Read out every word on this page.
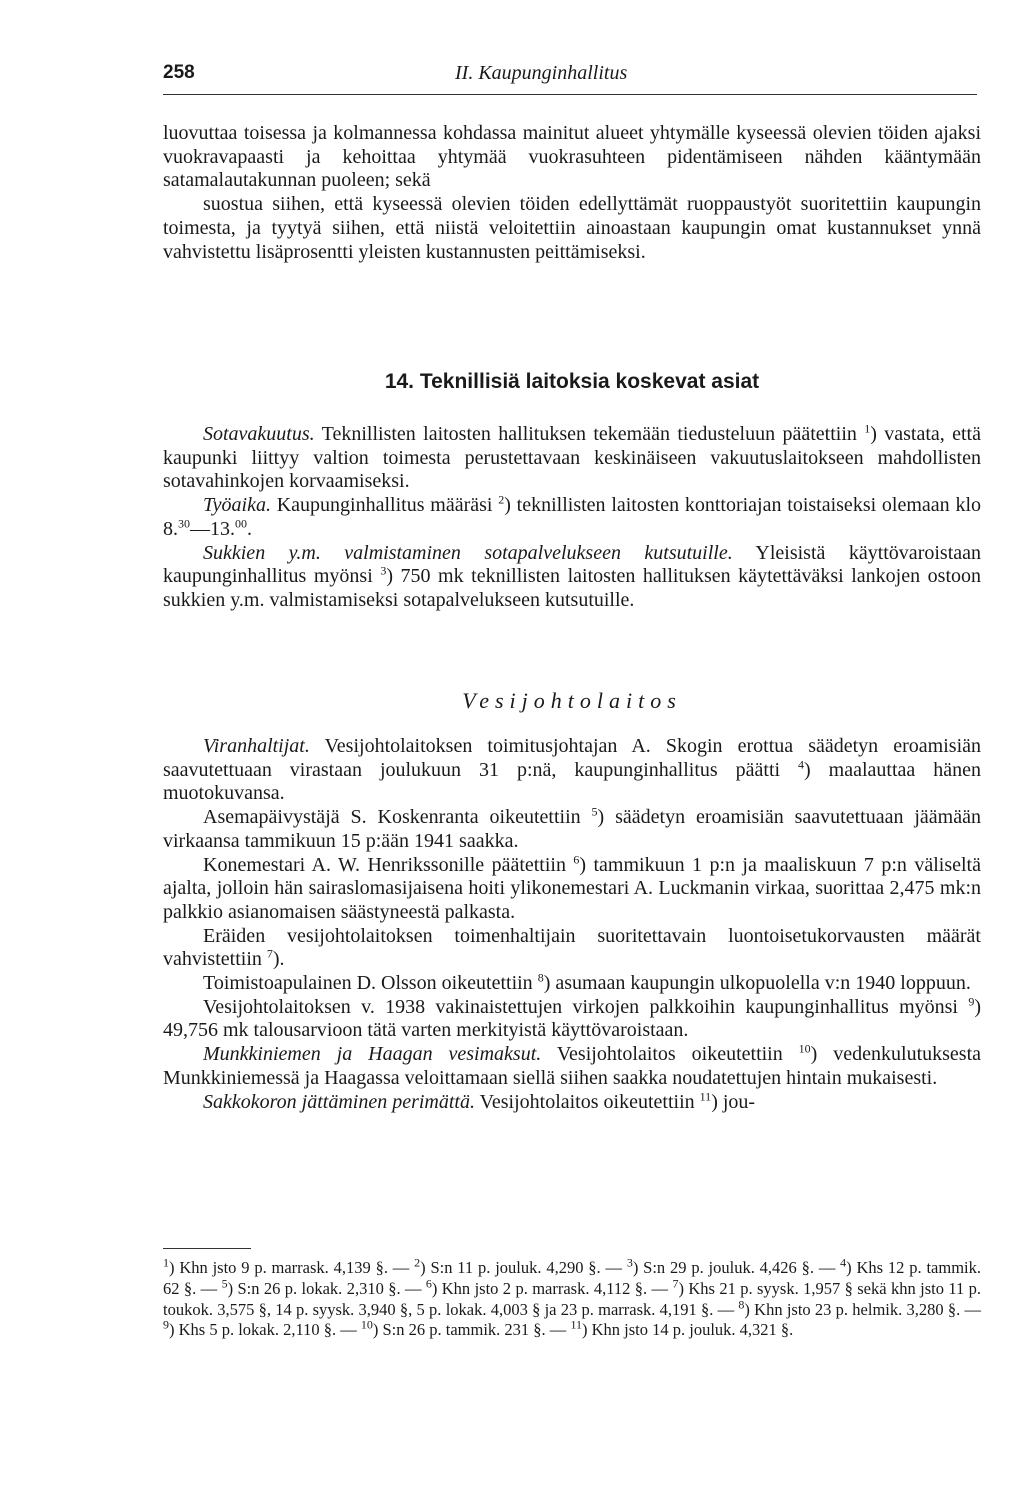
258	II. Kaupunginhallitus

luovuttaa toisessa ja kolmannessa kohdassa mainitut alueet yhtymälle kyseessä olevien töiden ajaksi vuokravapaasti ja kehoittaa yhtymää vuokrasuhteen pidentämiseen nähden kääntymään satamalautakunnan puoleen; sekä

suostua siihen, että kyseessä olevien töiden edellyttämät ruoppaustyöt suoritettiin kaupungin toimesta, ja tyytyä siihen, että niistä veloitettiin ainoastaan kaupungin omat kustannukset ynnä vahvistettu lisäprosentti yleisten kustannusten peittämiseksi.

14. Teknillisiä laitoksia koskevat asiat

Sotavakuutus. Teknillisten laitosten hallituksen tekemään tiedusteluun päätettiin $^1$) vastata, että kaupunki liittyy valtion toimesta perustettavaan keskinäiseen vakuutuslaitokseen mahdollisten sotavahinkojen korvaamiseksi.

Työaika. Kaupunginhallitus määräsi $^2$) teknillisten laitosten konttoriajan toistaiseksi olemaan klo 8.30—13.00.

Sukkien y.m. valmistaminen sotapalvelukseen kutsutuille. Yleisistä käyttövaroistaan kaupunginhallitus myönsi $^3$) 750 mk teknillisten laitosten hallituksen käytettäväksi lankojen ostoon sukkien y.m. valmistamiseksi sotapalvelukseen kutsutuille.

Vesijohtolaitos

Viranhaltijat. Vesijohtolaitoksen toimitusjohtajan A. Skogin erottua säädetyn eroamisiän saavutettuaan virastaan joulukuun 31 p:nä, kaupunginhallitus päätti $^4$) maalauttaa hänen muotokuvansa.

Asemapäivystäjä S. Koskenranta oikeutettiin $^5$) säädetyn eroamisiän saavutettuaan jäämään virkaansa tammikuun 15 p:ään 1941 saakka.

Konemestari A. W. Henrikssonille päätettiin $^6$) tammikuun 1 p:n ja maaliskuun 7 p:n väliseltä ajalta, jolloin hän sairaslomasijaisena hoiti ylikonemestari A. Luckmanin virkaa, suorittaa 2,475 mk:n palkkio asianomaisen säästyneestä palkasta.

Eräiden vesijohtolaitoksen toimenhaltijain suoritettavain luontoisetukorvausten määrät vahvistettiin $^7$).

Toimistoapulainen D. Olsson oikeutettiin $^8$) asumaan kaupungin ulkopuolella v:n 1940 loppuun.

Vesijohtolaitoksen v. 1938 vakinaistettujen virkojen palkkoihin kaupunginhallitus myönsi $^9$) 49,756 mk talousarvioon tätä varten merkityistä käyttövaroistaan.

Munkkiniemen ja Haagan vesimaksut. Vesijohtolaitos oikeutettiin $^{10}$) vedenkulutuksesta Munkkiniemessä ja Haagassa veloittamaan siellä siihen saakka noudatettujen hintain mukaisesti.

Sakkokoron jättäminen perimättä. Vesijohtolaitos oikeutettiin $^{11}$) jou-

$^1$) Khn jsto 9 p. marrask. 4,139 §. — $^2$) S:n 11 p. jouluk. 4,290 §. — $^3$) S:n 29 p. jouluk. 4,426 §. — $^4$) Khs 12 p. tammik. 62 §. — $^5$) S:n 26 p. lokak. 2,310 §. — $^6$) Khn jsto 2 p. marrask. 4,112 §. — $^7$) Khs 21 p. syysk. 1,957 § sekä khn jsto 11 p. toukok. 3,575 §, 14 p. syysk. 3,940 §, 5 p. lokak. 4,003 § ja 23 p. marrask. 4,191 §. — $^8$) Khn jsto 23 p. helmik. 3,280 §. — $^9$) Khs 5 p. lokak. 2,110 §. — $^{10}$) S:n 26 p. tammik. 231 §. — $^{11}$) Khn jsto 14 p. jouluk. 4,321 §.
